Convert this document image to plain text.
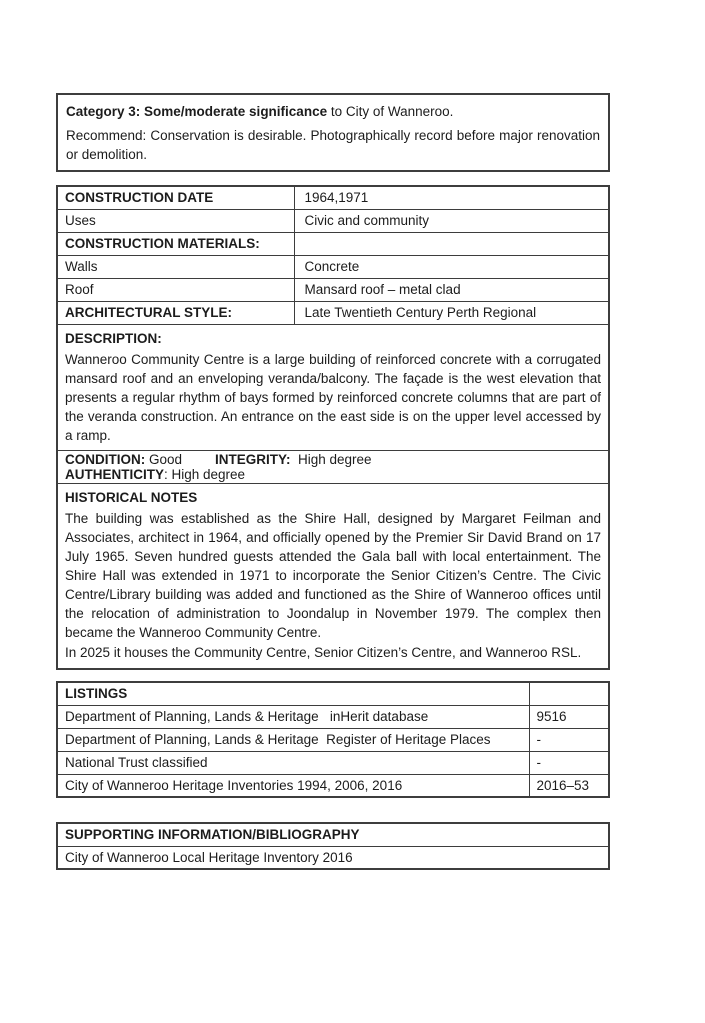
Category 3: Some/moderate significance to City of Wanneroo.

Recommend: Conservation is desirable. Photographically record before major renovation or demolition.

CONSTRUCTION DATE	1964,1971
Uses	Civic and community
CONSTRUCTION MATERIALS:	
Walls	Concrete
Roof	Mansard roof – metal clad
ARCHITECTURAL STYLE:	Late Twentieth Century Perth Regional

DESCRIPTION:

Wanneroo Community Centre is a large building of reinforced concrete with a corrugated mansard roof and an enveloping veranda/balcony. The façade is the west elevation that presents a regular rhythm of bays formed by reinforced concrete columns that are part of the veranda construction. An entrance on the east side is on the upper level accessed by a ramp.	

CONDITION: Good INTEGRITY:  High degreeAUTHENTICITY: High degree	

HISTORICAL NOTES

The building was established as the Shire Hall, designed by Margaret Feilman and Associates, architect in 1964, and officially opened by the Premier Sir David Brand on 17 July 1965. Seven hundred guests attended the Gala ball with local entertainment. The Shire Hall was extended in 1971 to incorporate the Senior Citizen’s Centre. The Civic Centre/Library building was added and functioned as the Shire of Wanneroo offices until the relocation of administration to Joondalup in November 1979. The complex then became the Wanneroo Community Centre.

In 2025 it houses the Community Centre, Senior Citizen’s Centre, and Wanneroo RSL.	

LISTINGS	
Department of Planning, Lands & Heritage   inHerit database	9516
Department of Planning, Lands & Heritage  Register of Heritage Places	-
National Trust classified	-
City of Wanneroo Heritage Inventories 1994, 2006, 2016	2016–53
SUPPORTING INFORMATION/BIBLIOGRAPHY
City of Wanneroo Local Heritage Inventory 2016
